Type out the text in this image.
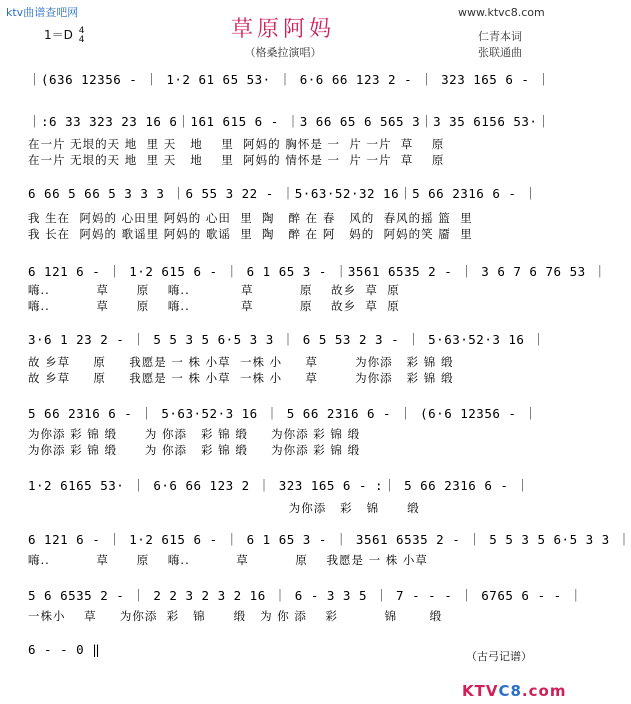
ktv曲谱查吧网	www.ktvc8.com
草原阿妈
（格桑拉演唱）
1＝D 4
4	仁青本词
张联通曲
｜(636 12356 - ｜ 1·2 61 65 53· ｜ 6·6 66 123 2 - ｜ 323 165 6 - ｜
｜:6 33 323 23 16 6｜161 615 6 - ｜3 66 65 6 565 3｜3 35 6156 53·｜
在一片 无垠的天 地  里 天   地    里  阿妈的 胸怀是 一  片 一片  草    原
在一片 无垠的天 地  里 天   地    里  阿妈的 情怀是 一  片 一片  草    原
6 66 5 66 5 3 3 3 ｜6 55 3 22 - ｜5·63·52·32 16｜5 66 2316 6 - ｜
我 生在  阿妈的 心田里 阿妈的 心田  里  陶   醉 在 春   风的  春风的摇 篮  里
我 长在  阿妈的 歌谣里 阿妈的 歌谣  里  陶   醉 在 阿   妈的  阿妈的笑 靥  里
6 121 6 - ｜ 1·2 615 6 - ｜ 6 1 65 3 - ｜3561 6535 2 - ｜ 3 6 7 6 76 53 ｜
嗨..          草      原    嗨..           草          原    故乡  草  原
嗨..          草      原    嗨..           草          原    故乡  草  原
3·6 1 23 2 - ｜ 5 5 3 5 6·5 3 3 ｜ 6 5 53 2 3 - ｜ 5·63·52·3 16 ｜
故 乡草     原     我愿是 一 株 小草  一株 小     草        为你添   彩 锦 缎
故 乡草     原     我愿是 一 株 小草  一株 小     草        为你添   彩 锦 缎
5 66 2316 6 - ｜ 5·63·52·3 16 ｜ 5 66 2316 6 - ｜ (6·6 12356 - ｜
为你添 彩 锦 缎      为 你添   彩 锦 缎     为你添 彩 锦 缎
为你添 彩 锦 缎      为 你添   彩 锦 缎     为你添 彩 锦 缎
1·2 6165 53· ｜ 6·6 66 123 2 ｜ 323 165 6 - :｜ 5 66 2316 6 - ｜
为你添   彩   锦      缎
6 121 6 - ｜ 1·2 615 6 - ｜ 6 1 65 3 - ｜ 3561 6535 2 - ｜ 5 5 3 5 6·5 3 3 ｜
嗨..          草      原    嗨..          草          原    我愿是 一 株 小草
5 6 6535 2 - ｜ 2 2 3 2 3 2 16 ｜ 6 - 3 3 5 ｜ 7 - - - ｜ 6765 6 - - ｜
一株小    草     为你添  彩   锦      缎   为 你 添    彩          锦       缎
6 - - 0 ‖	（古弓记谱）
KTVC8.com
